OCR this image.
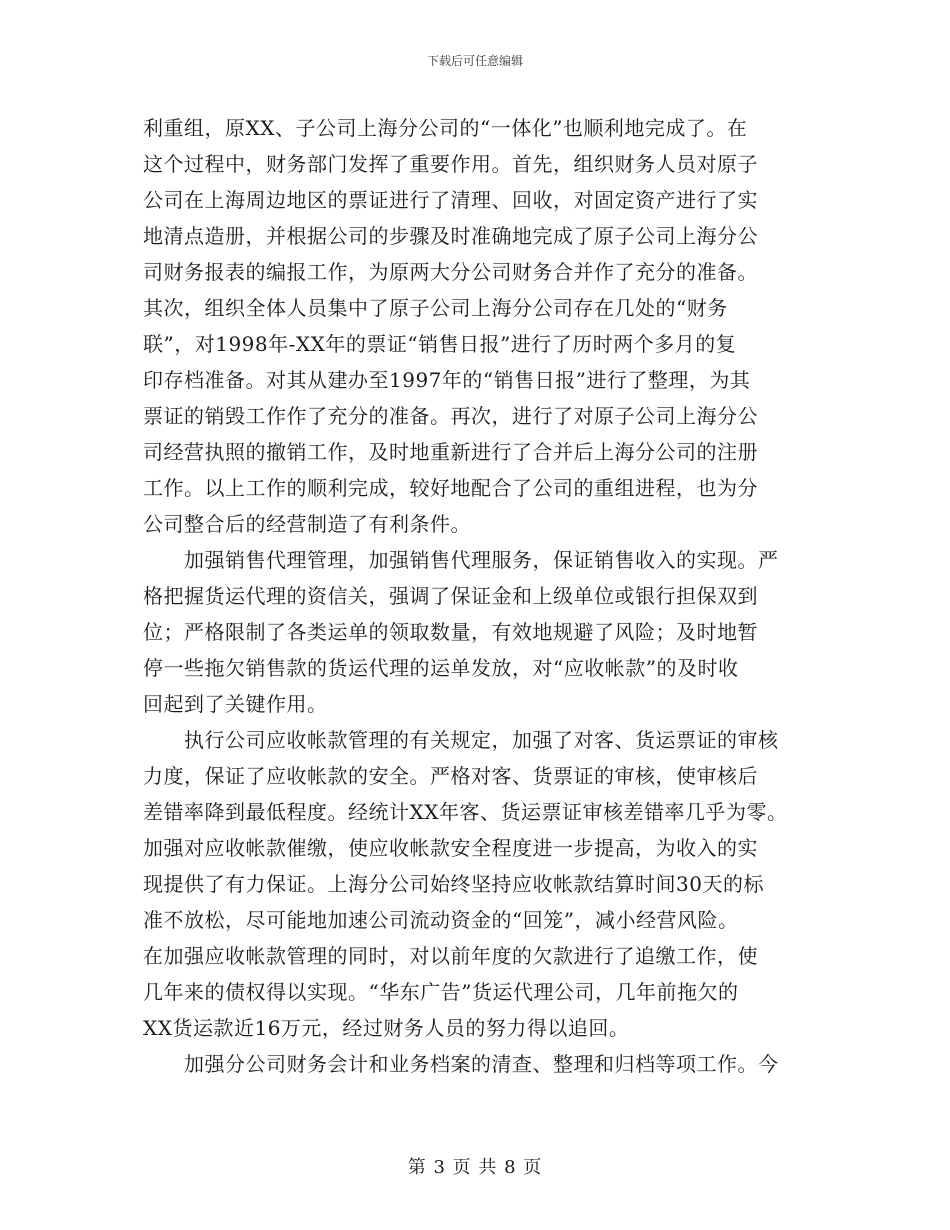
下载后可任意编辑
利重组，原XX、子公司上海分公司的“一体化”也顺利地完成了。在
这个过程中，财务部门发挥了重要作用。首先，组织财务人员对原子
公司在上海周边地区的票证进行了清理、回收，对固定资产进行了实
地清点造册，并根据公司的步骤及时准确地完成了原子公司上海分公
司财务报表的编报工作，为原两大分公司财务合并作了充分的准备。
其次，组织全体人员集中了原子公司上海分公司存在几处的“财务
联”，对1998年-XX年的票证“销售日报”进行了历时两个多月的复
印存档准备。对其从建办至1997年的“销售日报”进行了整理，为其
票证的销毁工作作了充分的准备。再次，进行了对原子公司上海分公
司经营执照的撤销工作，及时地重新进行了合并后上海分公司的注册
工作。以上工作的顺利完成，较好地配合了公司的重组进程，也为分
公司整合后的经营制造了有利条件。
　　加强销售代理管理，加强销售代理服务，保证销售收入的实现。严
格把握货运代理的资信关，强调了保证金和上级单位或银行担保双到
位；严格限制了各类运单的领取数量，有效地规避了风险；及时地暂
停一些拖欠销售款的货运代理的运单发放，对“应收帐款”的及时收
回起到了关键作用。
　　执行公司应收帐款管理的有关规定，加强了对客、货运票证的审核
力度，保证了应收帐款的安全。严格对客、货票证的审核，使审核后
差错率降到最低程度。经统计XX年客、货运票证审核差错率几乎为零。
加强对应收帐款催缴，使应收帐款安全程度进一步提高，为收入的实
现提供了有力保证。上海分公司始终坚持应收帐款结算时间30天的标
准不放松，尽可能地加速公司流动资金的“回笼”，减小经营风险。
在加强应收帐款管理的同时，对以前年度的欠款进行了追缴工作，使
几年来的债权得以实现。“华东广告”货运代理公司，几年前拖欠的
XX货运款近16万元，经过财务人员的努力得以追回。
　　加强分公司财务会计和业务档案的清查、整理和归档等项工作。今
第 3 页 共 8 页
